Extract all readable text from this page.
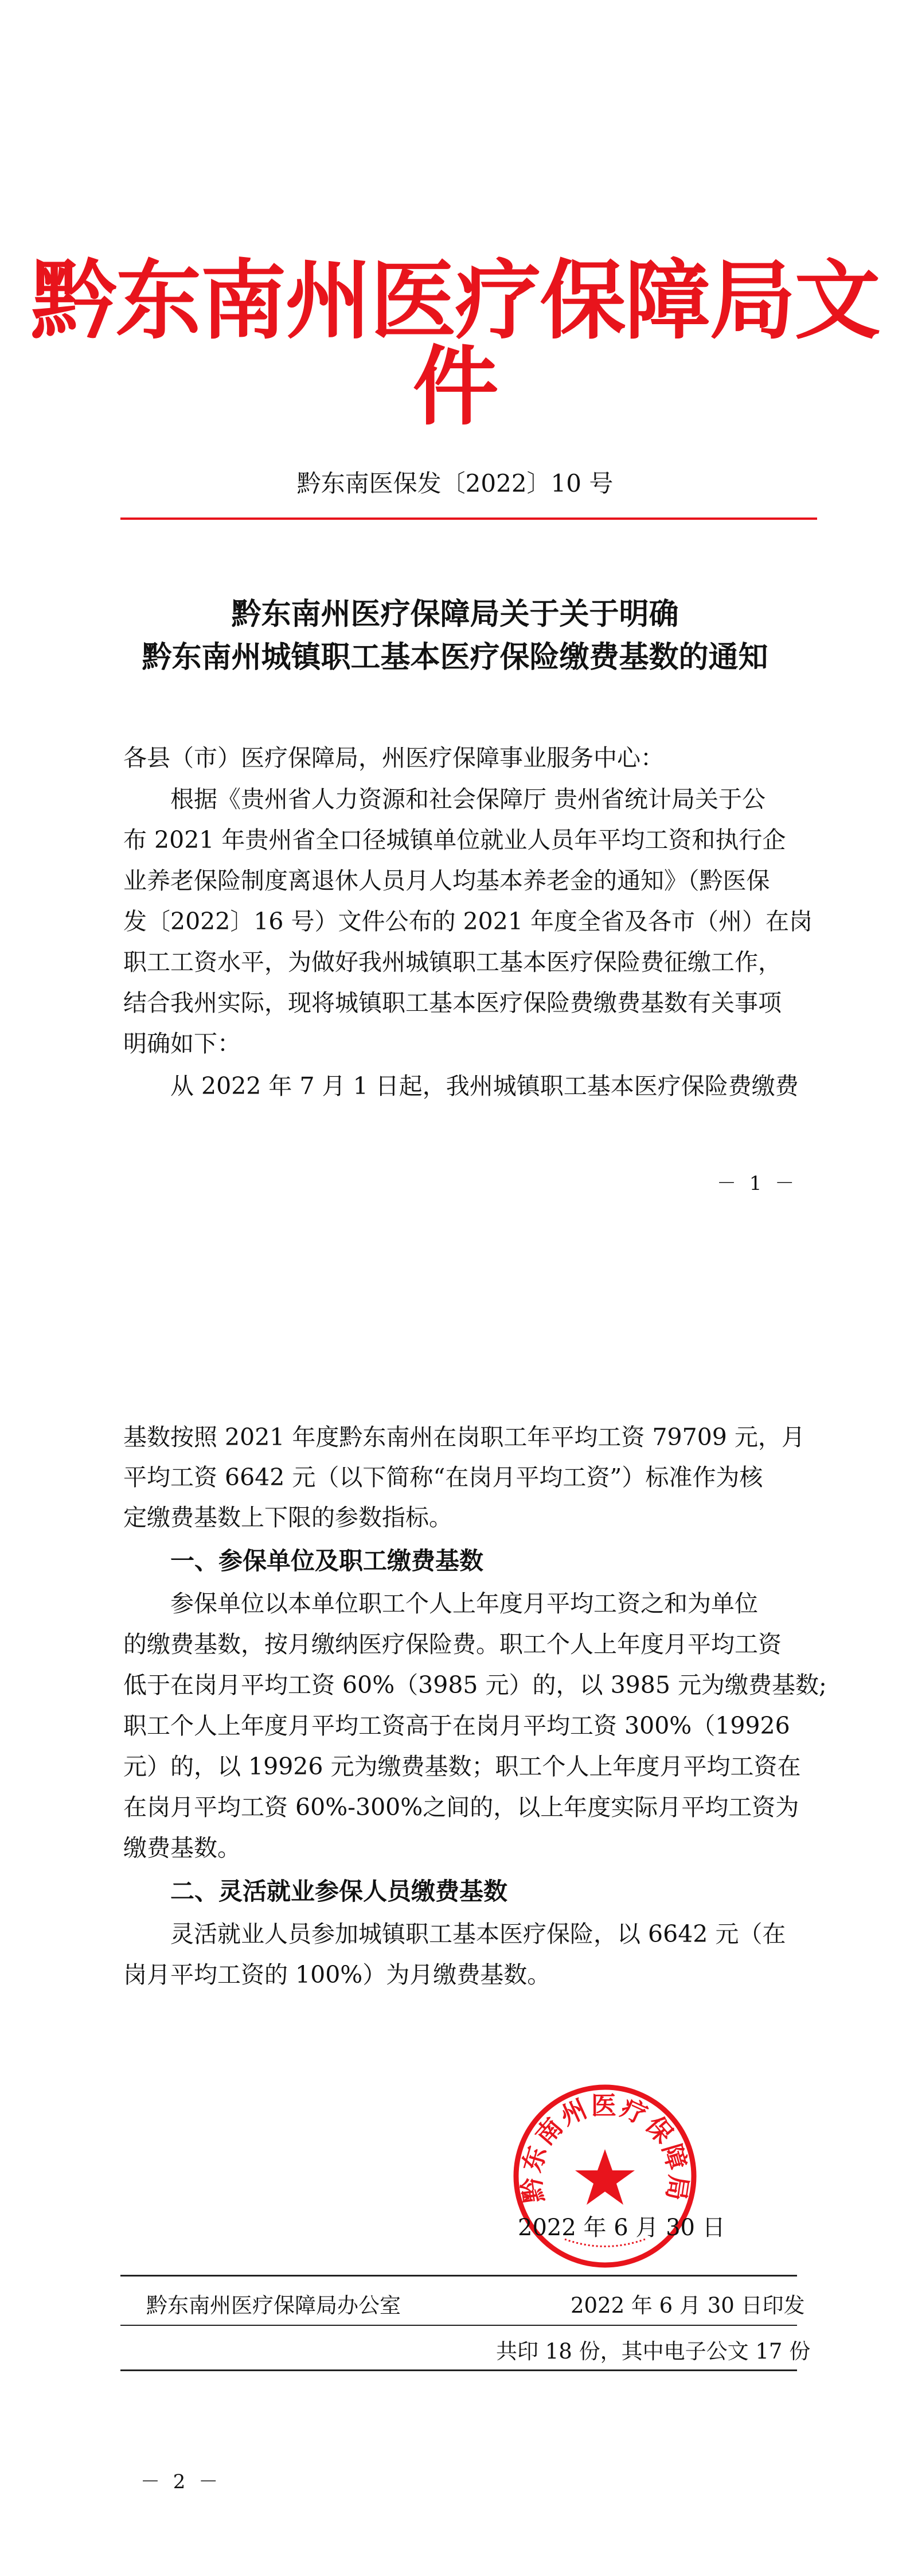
黔东南州医疗保障局文件
黔东南医保发〔2022〕10 号
黔东南州医疗保障局关于关于明确
黔东南州城镇职工基本医疗保险缴费基数的通知
各县（市）医疗保障局，州医疗保障事业服务中心：
根据《贵州省人力资源和社会保障厅 贵州省统计局关于公
布 2021 年贵州省全口径城镇单位就业人员年平均工资和执行企
业养老保险制度离退休人员月人均基本养老金的通知》（黔医保
发〔2022〕16 号）文件公布的 2021 年度全省及各市（州）在岗
职工工资水平，为做好我州城镇职工基本医疗保险费征缴工作，
结合我州实际，现将城镇职工基本医疗保险费缴费基数有关事项
明确如下：
从 2022 年 7 月 1 日起，我州城镇职工基本医疗保险费缴费
－ 1 －
基数按照 2021 年度黔东南州在岗职工年平均工资 79709 元，月
平均工资 6642 元（以下简称“在岗月平均工资”）标准作为核
定缴费基数上下限的参数指标。
一、参保单位及职工缴费基数
参保单位以本单位职工个人上年度月平均工资之和为单位
的缴费基数，按月缴纳医疗保险费。职工个人上年度月平均工资
低于在岗月平均工资 60%（3985 元）的，以 3985 元为缴费基数;
职工个人上年度月平均工资高于在岗月平均工资 300%（19926
元）的，以 19926 元为缴费基数；职工个人上年度月平均工资在
在岗月平均工资 60%-300%之间的，以上年度实际月平均工资为
缴费基数。
二、灵活就业参保人员缴费基数
灵活就业人员参加城镇职工基本医疗保险，以 6642 元（在
岗月平均工资的 100%）为月缴费基数。
黔东南州医疗保障局
2022 年 6 月 30 日
黔东南州医疗保障局办公室	2022 年 6 月 30 日印发
共印 18 份，其中电子公文 17 份
－ 2 －
